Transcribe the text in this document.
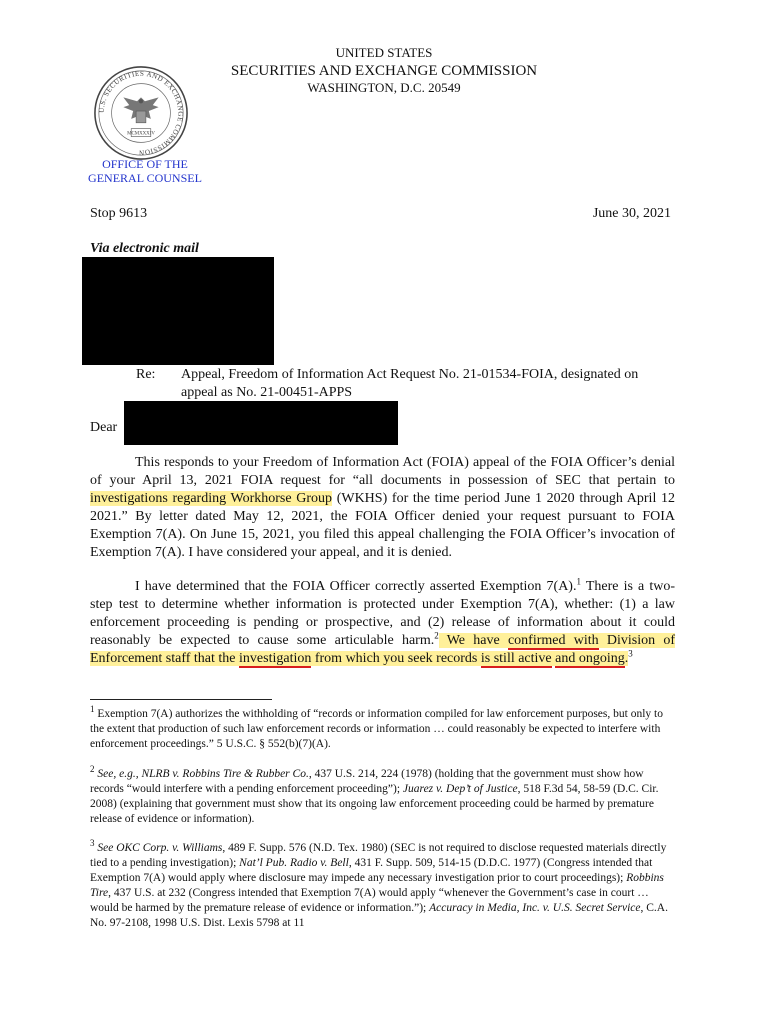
UNITED STATES
SECURITIES AND EXCHANGE COMMISSION
WASHINGTON, D.C. 20549
U.S. SECURITIES AND EXCHANGE COMMISSION
MCMXXXIV
OFFICE OF THE
GENERAL COUNSEL
Stop 9613	June 30, 2021
Via electronic mail
Re: Appeal, Freedom of Information Act Request No. 21-01534-FOIA, designated on appeal as No. 21-00451-APPS
Dear

This responds to your Freedom of Information Act (FOIA) appeal of the FOIA Officer’s denial of your April 13, 2021 FOIA request for “all documents in possession of SEC that pertain to investigations regarding Workhorse Group (WKHS) for the time period June 1 2020 through April 12 2021.” By letter dated May 12, 2021, the FOIA Officer denied your request pursuant to FOIA Exemption 7(A). On June 15, 2021, you filed this appeal challenging the FOIA Officer’s invocation of Exemption 7(A). I have considered your appeal, and it is denied.

I have determined that the FOIA Officer correctly asserted Exemption 7(A).$^1$ There is a two-step test to determine whether information is protected under Exemption 7(A), whether: (1) a law enforcement proceeding is pending or prospective, and (2) release of information about it could reasonably be expected to cause some articulable harm.$^2$ We have confirmed with Division of Enforcement staff that the investigation from which you seek records is still active and ongoing.$^3$

$^1$ Exemption 7(A) authorizes the withholding of “records or information compiled for law enforcement purposes, but only to the extent that production of such law enforcement records or information … could reasonably be expected to interfere with enforcement proceedings.” 5 U.S.C. § 552(b)(7)(A).

$^2$ See, e.g., NLRB v. Robbins Tire & Rubber Co., 437 U.S. 214, 224 (1978) (holding that the government must show how records “would interfere with a pending enforcement proceeding”); Juarez v. Dep’t of Justice, 518 F.3d 54, 58-59 (D.C. Cir. 2008) (explaining that government must show that its ongoing law enforcement proceeding could be harmed by premature release of evidence or information).

$^3$ See OKC Corp. v. Williams, 489 F. Supp. 576 (N.D. Tex. 1980) (SEC is not required to disclose requested materials directly tied to a pending investigation); Nat’l Pub. Radio v. Bell, 431 F. Supp. 509, 514-15 (D.D.C. 1977) (Congress intended that Exemption 7(A) would apply where disclosure may impede any necessary investigation prior to court proceedings); Robbins Tire, 437 U.S. at 232 (Congress intended that Exemption 7(A) would apply “whenever the Government’s case in court … would be harmed by the premature release of evidence or information.”); Accuracy in Media, Inc. v. U.S. Secret Service, C.A. No. 97-2108, 1998 U.S. Dist. Lexis 5798 at 11
